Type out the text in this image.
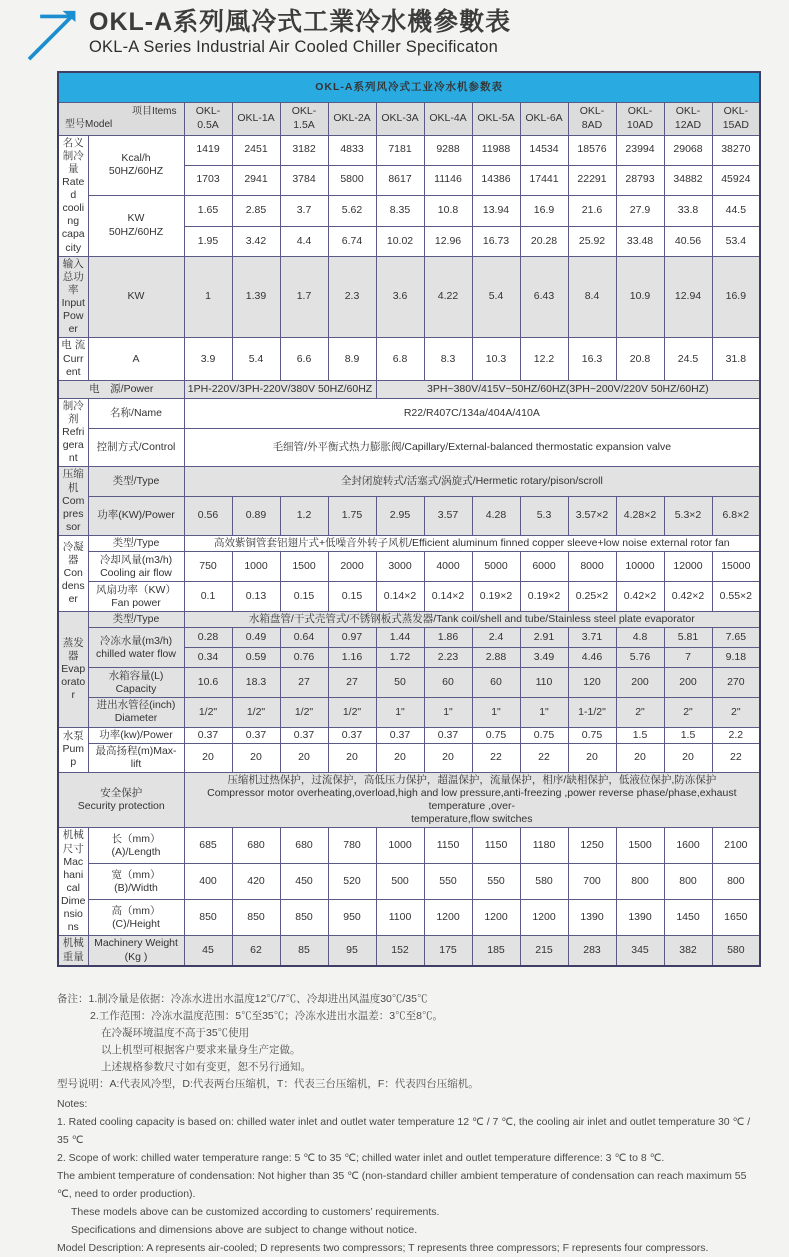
OKL-A系列風冷式工業冷水機參數表
OKL-A Series Industrial Air Cooled Chiller Specificaton
OKL-A系列风冷式工业冷水机参数表													

项目Items
型号Model		OKL-0.5A	OKL-1A	OKL-1.5A	OKL-2A	OKL-3A	OKL-4A	OKL-5A	OKL-6A	OKL-8AD	OKL-10AD	OKL-12AD	OKL-15AD
名义制冷量
Rated
cooling
capacity	Kcal/h
50HZ/60HZ	1419	2451	3182	4833	7181	9288	11988	14534	18576	23994	29068	38270
		1703	2941	3784	5800	8617	11146	14386	17441	22291	28793	34882	45924
	KW
50HZ/60HZ	1.65	2.85	3.7	5.62	8.35	10.8	13.94	16.9	21.6	27.9	33.8	44.5
		1.95	3.42	4.4	6.74	10.02	12.96	16.73	20.28	25.92	33.48	40.56	53.4
输入总功率
Input Power	KW	1	1.39	1.7	2.3	3.6	4.22	5.4	6.43	8.4	10.9	12.94	16.9
电 流
Current	A	3.9	5.4	6.6	8.9	6.8	8.3	10.3	12.2	16.3	20.8	24.5	31.8
电　源/Power		1PH-220V/3PH-220V/380V 50HZ/60HZ				3PH~380V/415V~50HZ/60HZ(3PH~200V/220V 50HZ/60HZ)							
制冷剂
Refrigerant	名称/Name	R22/R407C/134a/404A/410A											
	控制方式/Control	毛细管/外平衡式热力膨胀阀/Capillary/External-balanced thermostatic expansion valve											
压缩机
Compressor	类型/Type	全封闭旋转式/活塞式/涡旋式/Hermetic rotary/pison/scroll											
	功率(KW)/Power	0.56	0.89	1.2	1.75	2.95	3.57	4.28	5.3	3.57×2	4.28×2	5.3×2	6.8×2
冷凝器
Condenser	类型/Type	高效紫铜管套铝翅片式+低噪音外转子风机/Efficient aluminum finned copper sleeve+low noise external rotor fan											
	冷却风量(m3/h)
Cooling air flow	750	1000	1500	2000	3000	4000	5000	6000	8000	10000	12000	15000
	风扇功率（KW）
Fan power	0.1	0.13	0.15	0.15	0.14×2	0.14×2	0.19×2	0.19×2	0.25×2	0.42×2	0.42×2	0.55×2
蒸发器
Evaporator	类型/Type	水箱盘管/干式壳管式/不锈钢板式蒸发器/Tank coil/shell and tube/Stainless steel plate evaporator											
	冷冻水量(m3/h)
chilled water flow	0.28	0.49	0.64	0.97	1.44	1.86	2.4	2.91	3.71	4.8	5.81	7.65
		0.34	0.59	0.76	1.16	1.72	2.23	2.88	3.49	4.46	5.76	7	9.18
	水箱容量(L)
Capacity	10.6	18.3	27	27	50	60	60	110	120	200	200	270
	进出水管径(inch)
Diameter	1/2"	1/2"	1/2"	1/2"	1"	1"	1"	1"	1-1/2"	2"	2"	2"
水泵
Pump	功率(kw)/Power	0.37	0.37	0.37	0.37	0.37	0.37	0.75	0.75	0.75	1.5	1.5	2.2
	最高扬程(m)Max-lift	20	20	20	20	20	20	22	22	20	20	20	22
安全保护
Security protection		压缩机过热保护，过流保护，高低压力保护，超温保护，流量保护，相序/缺相保护，低液位保护,防冻保护
Compressor motor overheating,overload,high and low pressure,anti-freezing ,power reverse phase/phase,exhaust temperature ,over-
temperature,flow switches											
机械尺寸
Machanical
Dimensions	长（mm）(A)/Length	685	680	680	780	1000	1150	1150	1180	1250	1500	1600	2100
	宽（mm）(B)/Width	400	420	450	520	500	550	550	580	700	800	800	800
	高（mm）(C)/Height	850	850	850	950	1100	1200	1200	1200	1390	1390	1450	1650
机械重量	Machinery Weight
(Kg )	45	62	85	95	152	175	185	215	283	345	382	580
备注：1.制冷量是依据：冷冻水进出水温度12℃/7℃、冷却进出风温度30℃/35℃
2.工作范围：冷冻水温度范围：5℃至35℃；冷冻水进出水温差：3℃至8℃。
在冷凝环境温度不高于35℃使用
以上机型可根据客户要求来量身生产定做。
上述规格参数尺寸如有变更，恕不另行通知。
型号说明：A:代表风冷型，D:代表两台压缩机，T：代表三台压缩机，F：代表四台压缩机。
Notes:
1. Rated cooling capacity is based on: chilled water inlet and outlet water temperature 12 ℃ / 7 ℃, the cooling air inlet and outlet temperature 30 ℃ / 35 ℃
2. Scope of work: chilled water temperature range: 5 ℃ to 35 ℃; chilled water inlet and outlet temperature difference: 3 ℃ to 8 ℃.
The ambient temperature of condensation: Not higher than 35 ℃ (non-standard chiller ambient temperature of condensation can reach maximum 55 ℃, need to order production).
These models above can be customized according to customers’ requirements.
Specifications and dimensions above are subject to change without notice.
Model Description: A represents air-cooled; D represents two compressors; T represents three compressors; F represents four compressors.
